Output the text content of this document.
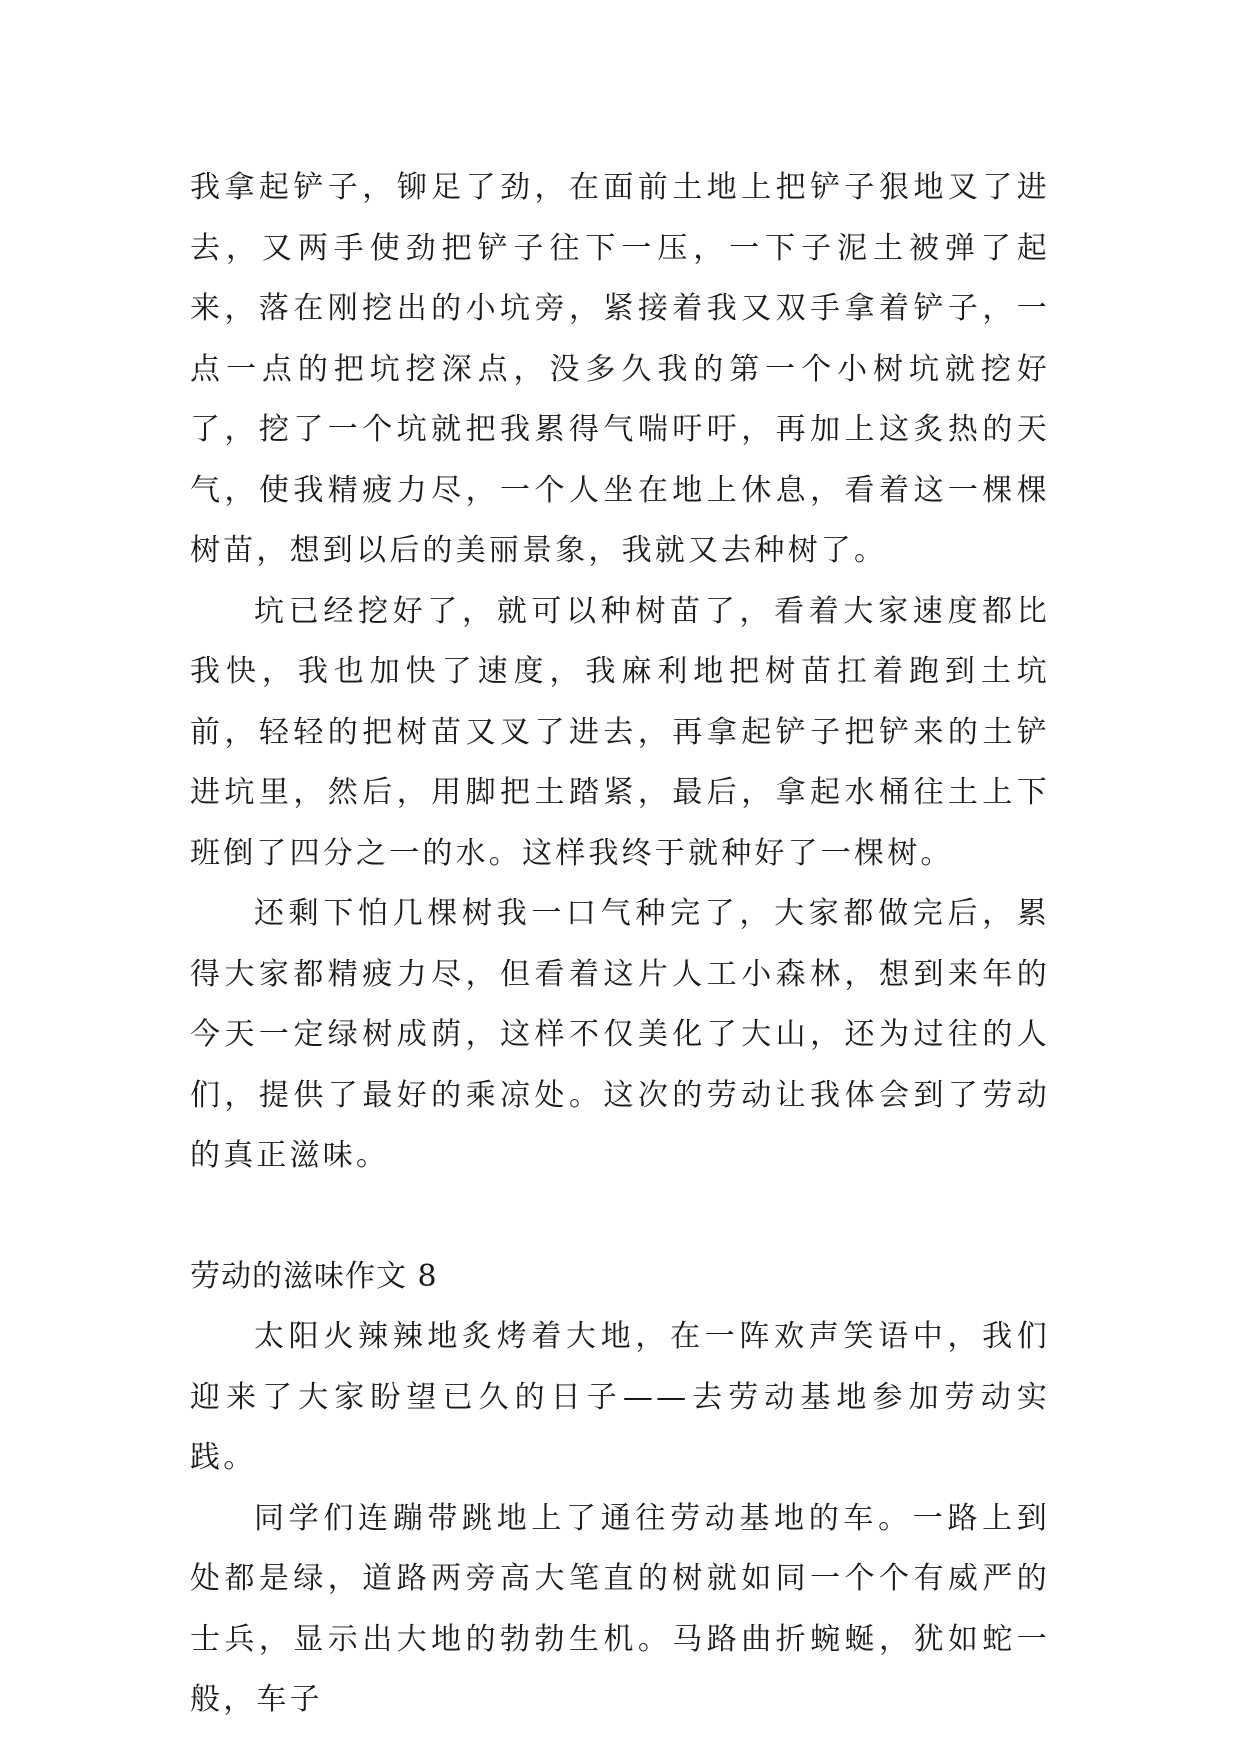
我拿起铲子，铆足了劲，在面前土地上把铲子狠地叉了进去，又两手使劲把铲子往下一压，一下子泥土被弹了起来，落在刚挖出的小坑旁，紧接着我又双手拿着铲子，一点一点的把坑挖深点，没多久我的第一个小树坑就挖好了，挖了一个坑就把我累得气喘吁吁，再加上这炙热的天气，使我精疲力尽，一个人坐在地上休息，看着这一棵棵树苗，想到以后的美丽景象，我就又去种树了。

坑已经挖好了，就可以种树苗了，看着大家速度都比我快，我也加快了速度，我麻利地把树苗扛着跑到土坑前，轻轻的把树苗又叉了进去，再拿起铲子把铲来的土铲进坑里，然后，用脚把土踏紧，最后，拿起水桶往土上下班倒了四分之一的水。这样我终于就种好了一棵树。

还剩下怕几棵树我一口气种完了，大家都做完后，累得大家都精疲力尽，但看着这片人工小森林，想到来年的今天一定绿树成荫，这样不仅美化了大山，还为过往的人们，提供了最好的乘凉处。这次的劳动让我体会到了劳动的真正滋味。

劳动的滋味作文 8

太阳火辣辣地炙烤着大地，在一阵欢声笑语中，我们迎来了大家盼望已久的日子——去劳动基地参加劳动实践。

同学们连蹦带跳地上了通往劳动基地的车。一路上到处都是绿，道路两旁高大笔直的树就如同一个个有威严的士兵，显示出大地的勃勃生机。马路曲折蜿蜒，犹如蛇一般，车子
